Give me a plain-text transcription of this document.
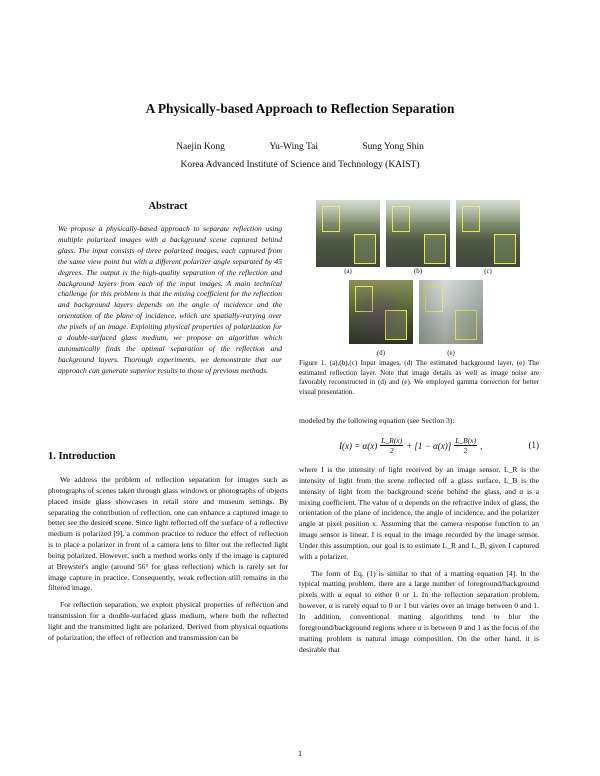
A Physically-based Approach to Reflection Separation
Naejin Kong	Yu-Wing Tai	Sung Yong Shin
Korea Advanced Institute of Science and Technology (KAIST)
Abstract
We propose a physically-based approach to separate reflection using multiple polarized images with a background scene captured behind glass. The input consists of three polarized images, each captured from the same view point but with a different polarizer angle separated by 45 degrees. The output is the high-quality separation of the reflection and background layers from each of the input images. A main technical challenge for this problem is that the mixing coefficient for the reflection and background layers depends on the angle of incidence and the orientation of the plane of incidence, which are spatially-varying over the pixels of an image. Exploiting physical properties of polarization for a double-surfaced glass medium, we propose an algorithm which automatically finds the optimal separation of the reflection and background layers. Thorough experiments, we demonstrate that our approach can generate superior results to those of previous methods.
1. Introduction

We address the problem of reflection separation for images such as photographs of scenes taken through glass windows or photographs of objects placed inside glass showcases in retail store and museum settings. By separating the contribution of reflection, one can enhance a captured image to better see the desired scene. Since light reflected off the surface of a reflective medium is polarized [9], a common practice to reduce the effect of reflection is to place a polarizer in front of a camera lens to filter out the reflected light being polarized. However, such a method works only if the image is captured at Brewster's angle (around 56° for glass reflection) which is rarely set for image capture in practice. Consequently, weak reflection still remains in the filtered image.

For reflection separation, we exploit physical properties of reflection and transmission for a double-surfaced glass medium, where both the reflected light and the transmitted light are polarized. Derived from physical equations of polarization, the effect of reflection and transmission can be

(a)	(b)	(c)
(d)	(e)
Figure 1. (a),(b),(c) Input images, (d) The estimated background layer, (e) The estimated reflection layer. Note that image details as well as image noise are favorably reconstructed in (d) and (e). We employed gamma correction for better visual presentation.

modeled by the following equation (see Section 3):

$I(x) = \alpha(x) \frac{L\_R(x)}{2} + [1 - \alpha(x)] \frac{L\_B(x)}{2}$ ,	(1)

where I is the intensity of light received by an image sensor, L_R is the intensity of light from the scene reflected off a glass surface, L_B is the intensity of light from the background scene behind the glass, and α is a mixing coefficient. The value of α depends on the refractive index of glass, the orientation of the plane of incidence, the angle of incidence, and the polarizer angle at pixel position x. Assuming that the camera response function to an image sensor is linear, I is equal to the image recorded by the image sensor. Under this assumption, our goal is to estimate L_R and L_B, given I captured with a polarizer.

The form of Eq. (1) is similar to that of a matting equation [4]. In the typical matting problem, there are a large number of foreground/background pixels with α equal to either 0 or 1. In the reflection separation problem, however, α is rarely equal to 0 or 1 but varies over an image between 0 and 1. In addition, conventional matting algorithms tend to blur the foreground/background regions where α is between 0 and 1 as the focus of the matting problem is natural image composition. On the other hand, it is desirable that

1
